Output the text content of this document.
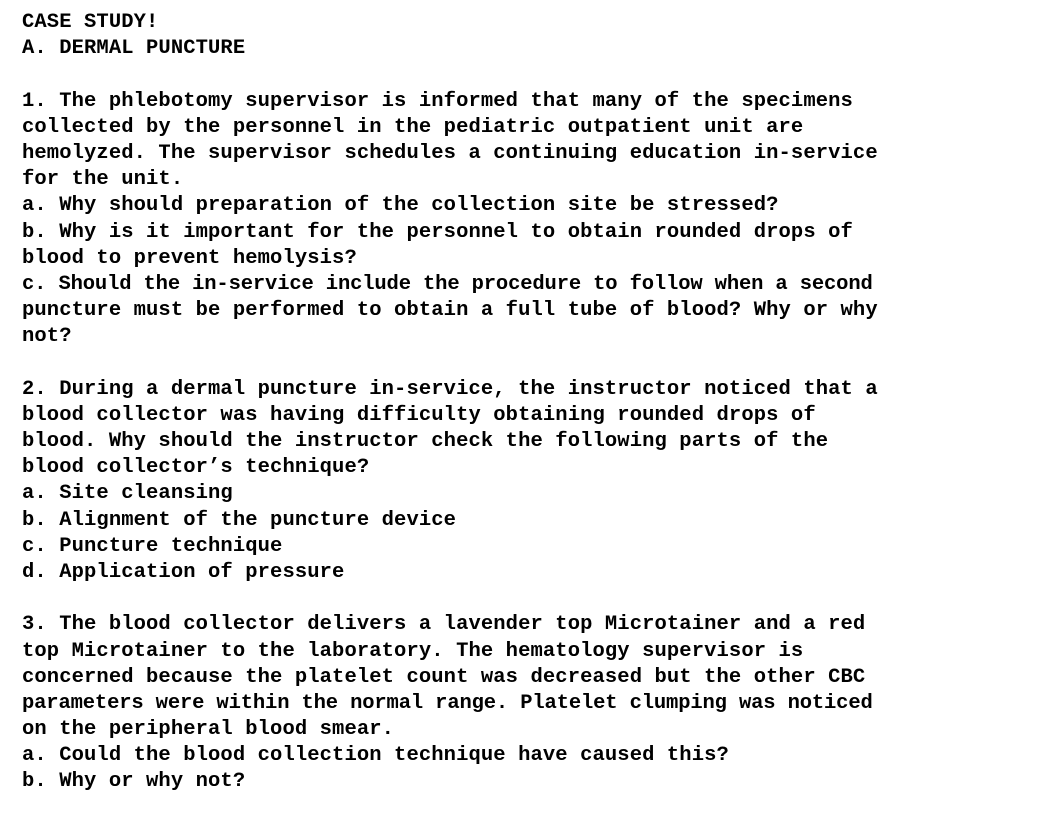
CASE STUDY!
A. DERMAL PUNCTURE
1. The phlebotomy supervisor is informed that many of the specimens
collected by the personnel in the pediatric outpatient unit are
hemolyzed. The supervisor schedules a continuing education in-service
for the unit.
a. Why should preparation of the collection site be stressed?
b. Why is it important for the personnel to obtain rounded drops of
blood to prevent hemolysis?
c. Should the in-service include the procedure to follow when a second
puncture must be performed to obtain a full tube of blood? Why or why
not?
2. During a dermal puncture in-service, the instructor noticed that a
blood collector was having difficulty obtaining rounded drops of
blood. Why should the instructor check the following parts of the
blood collector’s technique?
a. Site cleansing
b. Alignment of the puncture device
c. Puncture technique
d. Application of pressure
3. The blood collector delivers a lavender top Microtainer and a red
top Microtainer to the laboratory. The hematology supervisor is
concerned because the platelet count was decreased but the other CBC
parameters were within the normal range. Platelet clumping was noticed
on the peripheral blood smear.
a. Could the blood collection technique have caused this?
b. Why or why not?
